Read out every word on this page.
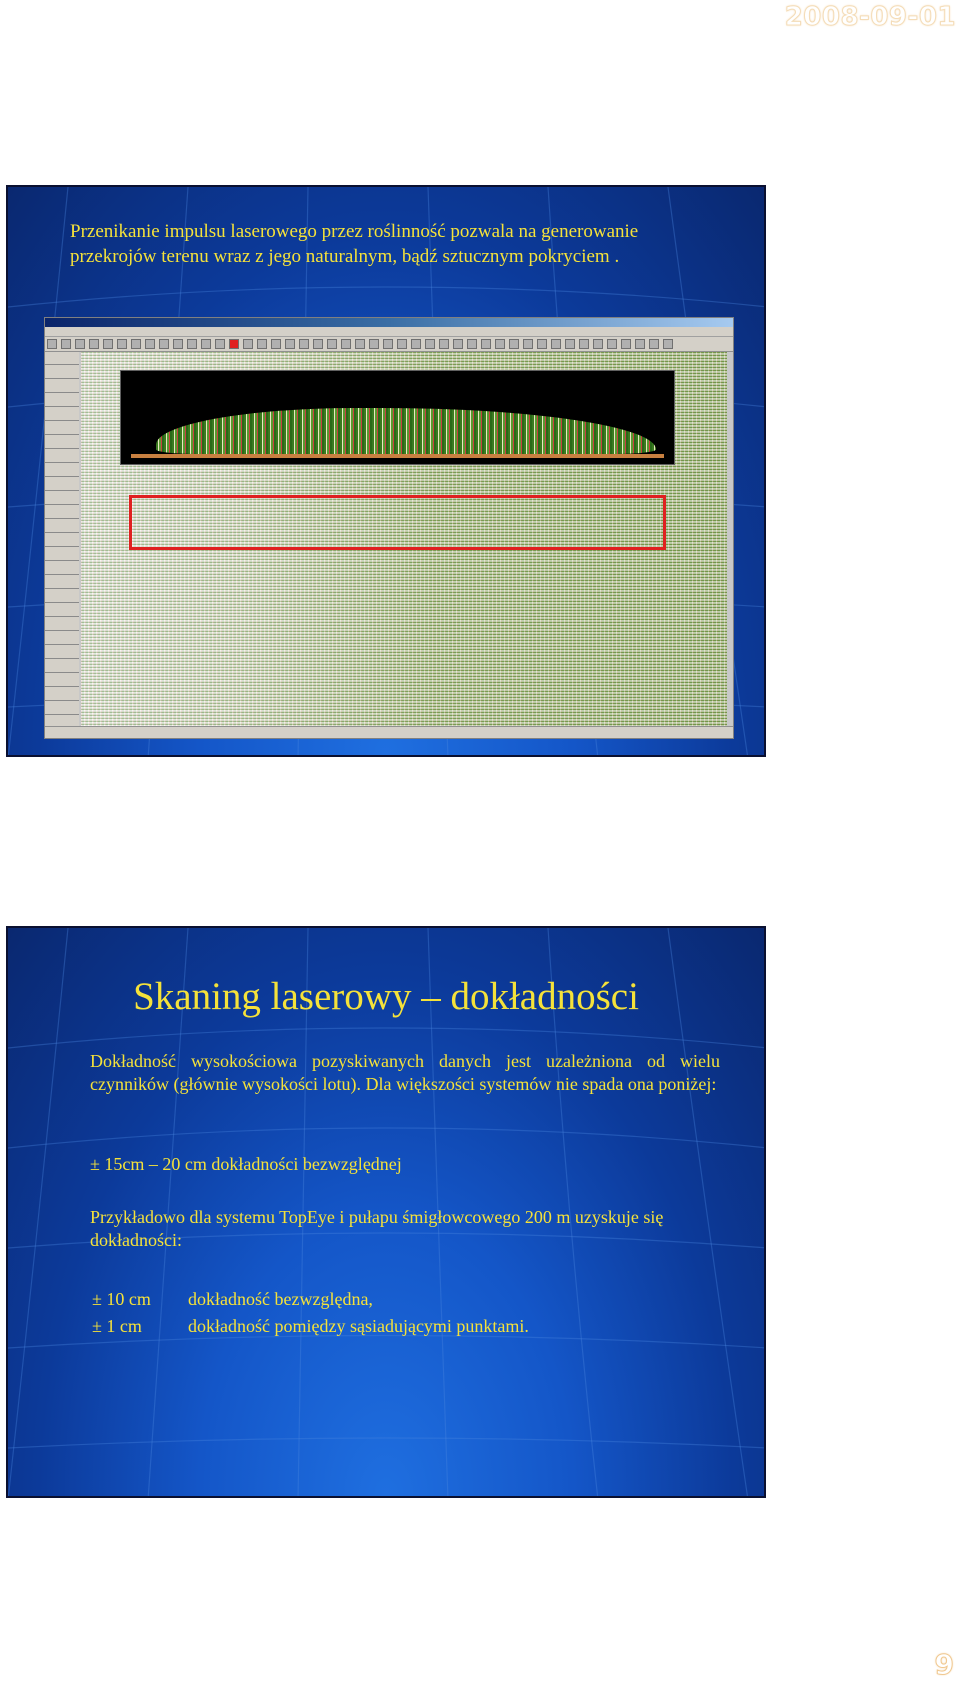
2008-09-01
Przenikanie impulsu laserowego przez roślinność pozwala na generowanie
przekrojów terenu wraz z jego naturalnym, bądź sztucznym pokryciem .
Skaning laserowy – dokładności
Dokładność wysokościowa pozyskiwanych danych jest uzależniona od wielu czynników (głównie wysokości lotu). Dla większości systemów nie spada ona poniżej:
± 15cm – 20 cm dokładności bezwzględnej
Przykładowo dla systemu TopEye i pułapu śmigłowcowego 200 m uzyskuje się dokładności:
± 10 cm	dokładność bezwzględna,
± 1 cm	dokładność pomiędzy sąsiadującymi punktami.
9
